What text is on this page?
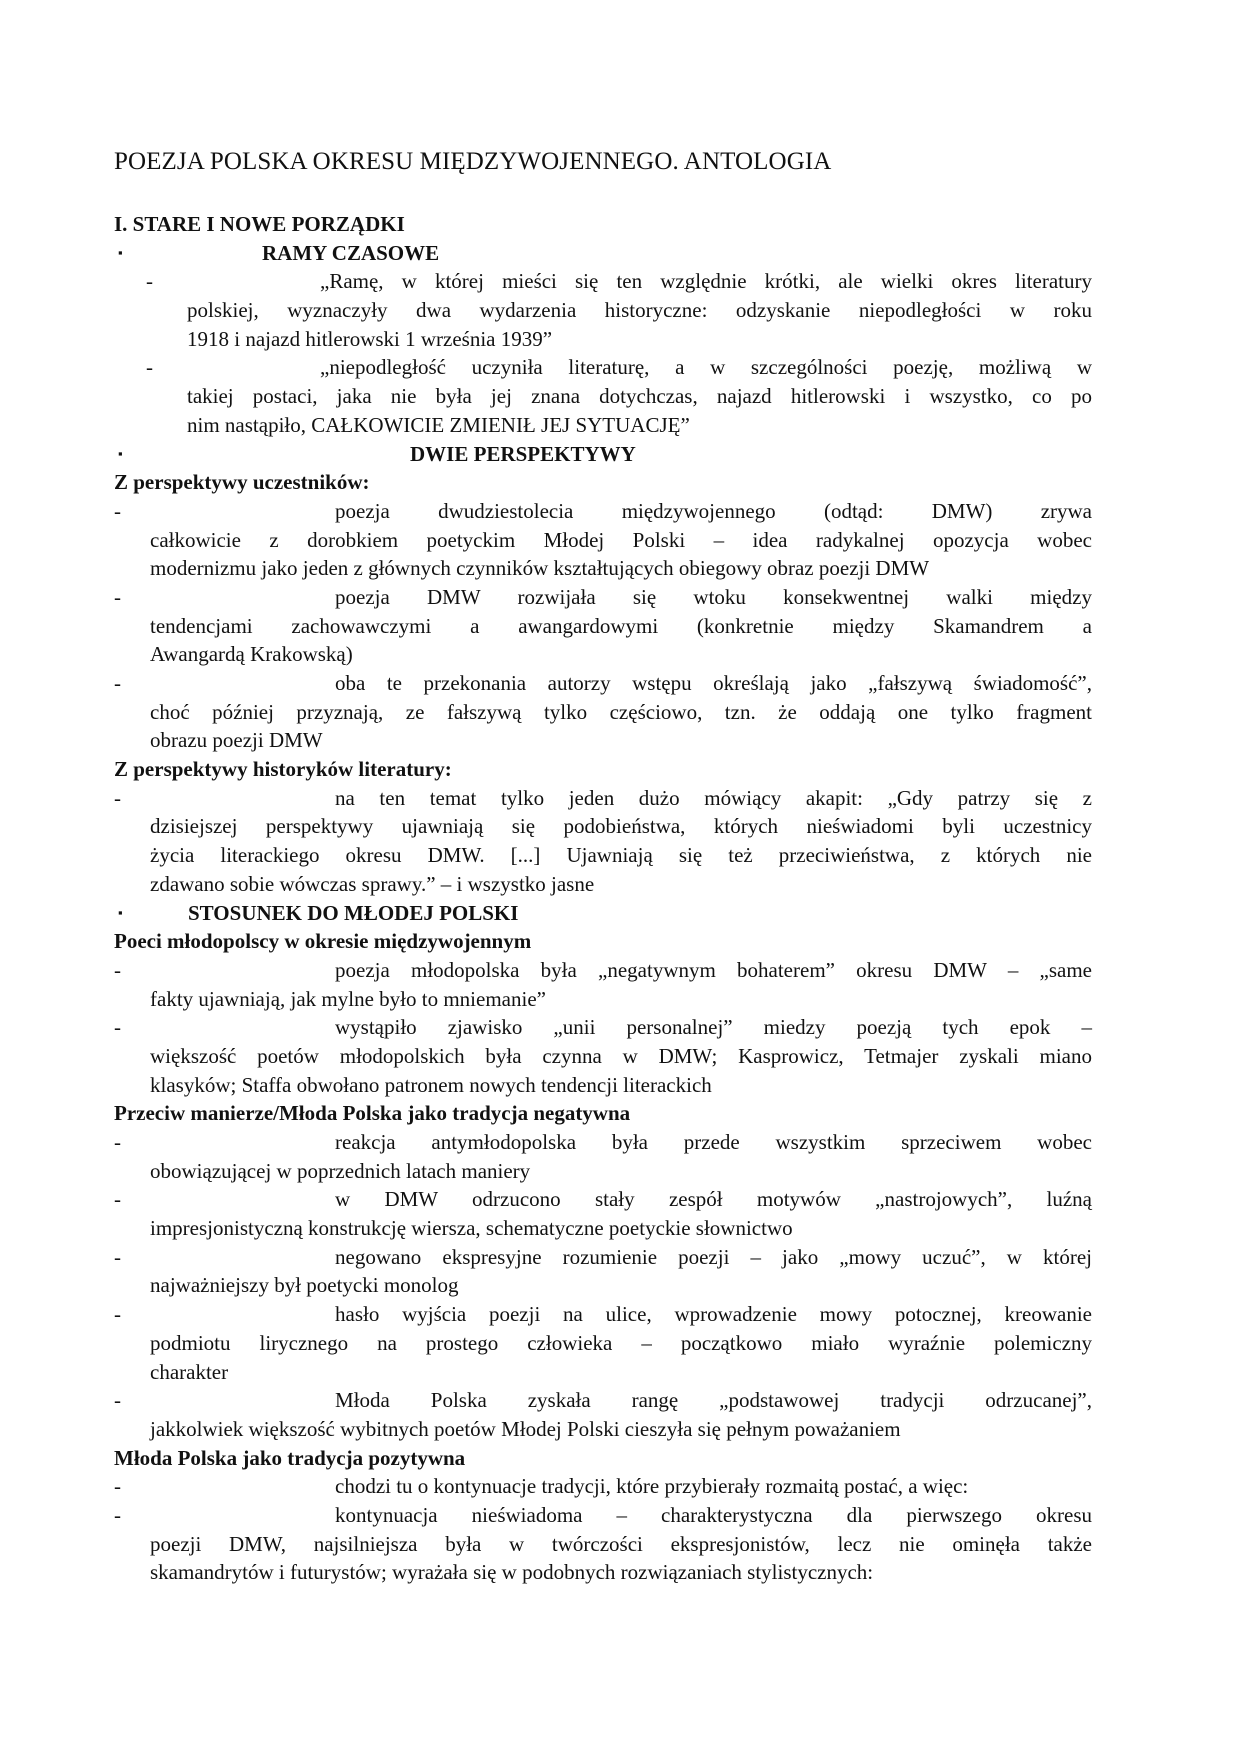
POEZJA POLSKA OKRESU MIĘDZYWOJENNEGO. ANTOLOGIA
I. STARE I NOWE PORZĄDKI
▪	RAMY CZASOWE
-	„Ramę, w której mieści się ten względnie krótki, ale wielki okres literatury
polskiej, wyznaczyły dwa wydarzenia historyczne: odzyskanie niepodległości w roku
1918 i najazd hitlerowski 1 września 1939”
-	„niepodległość uczyniła literaturę, a w szczególności poezję, możliwą w
takiej postaci, jaka nie była jej znana dotychczas, najazd hitlerowski i wszystko, co po
nim nastąpiło, CAŁKOWICIE ZMIENIŁ JEJ SYTUACJĘ”
▪	DWIE PERSPEKTYWY
Z perspektywy uczestników:
-	poezja dwudziestolecia międzywojennego (odtąd: DMW) zrywa
całkowicie z dorobkiem poetyckim Młodej Polski – idea radykalnej opozycja wobec
modernizmu jako jeden z głównych czynników kształtujących obiegowy obraz poezji DMW
-	poezja DMW rozwijała się wtoku konsekwentnej walki między
tendencjami zachowawczymi a awangardowymi (konkretnie między Skamandrem a
Awangardą Krakowską)
-	oba te przekonania autorzy wstępu określają jako „fałszywą świadomość”,
choć później przyznają, ze fałszywą tylko częściowo, tzn. że oddają one tylko fragment
obrazu poezji DMW
Z perspektywy historyków literatury:
-	na ten temat tylko jeden dużo mówiący akapit: „Gdy patrzy się z
dzisiejszej perspektywy ujawniają się podobieństwa, których nieświadomi byli uczestnicy
życia literackiego okresu DMW. [...] Ujawniają się też przeciwieństwa, z których nie
zdawano sobie wówczas sprawy.” – i wszystko jasne
▪	STOSUNEK DO MŁODEJ POLSKI
Poeci młodopolscy w okresie międzywojennym
-	poezja młodopolska była „negatywnym bohaterem” okresu DMW – „same
fakty ujawniają, jak mylne było to mniemanie”
-	wystąpiło zjawisko „unii personalnej” miedzy poezją tych epok –
większość poetów młodopolskich była czynna w DMW; Kasprowicz, Tetmajer zyskali miano
klasyków; Staffa obwołano patronem nowych tendencji literackich
Przeciw manierze/Młoda Polska jako tradycja negatywna
-	reakcja antymłodopolska była przede wszystkim sprzeciwem wobec
obowiązującej w poprzednich latach maniery
-	w DMW odrzucono stały zespół motywów „nastrojowych”, luźną
impresjonistyczną konstrukcję wiersza, schematyczne poetyckie słownictwo
-	negowano ekspresyjne rozumienie poezji – jako „mowy uczuć”, w której
najważniejszy był poetycki monolog
-	hasło wyjścia poezji na ulice, wprowadzenie mowy potocznej, kreowanie
podmiotu lirycznego na prostego człowieka – początkowo miało wyraźnie polemiczny
charakter
-	Młoda Polska zyskała rangę „podstawowej tradycji odrzucanej”,
jakkolwiek większość wybitnych poetów Młodej Polski cieszyła się pełnym poważaniem
Młoda Polska jako tradycja pozytywna
-	chodzi tu o kontynuacje tradycji, które przybierały rozmaitą postać, a więc:
-	kontynuacja nieświadoma – charakterystyczna dla pierwszego okresu
poezji DMW, najsilniejsza była w twórczości ekspresjonistów, lecz nie ominęła także
skamandrytów i futurystów; wyrażała się w podobnych rozwiązaniach stylistycznych:
